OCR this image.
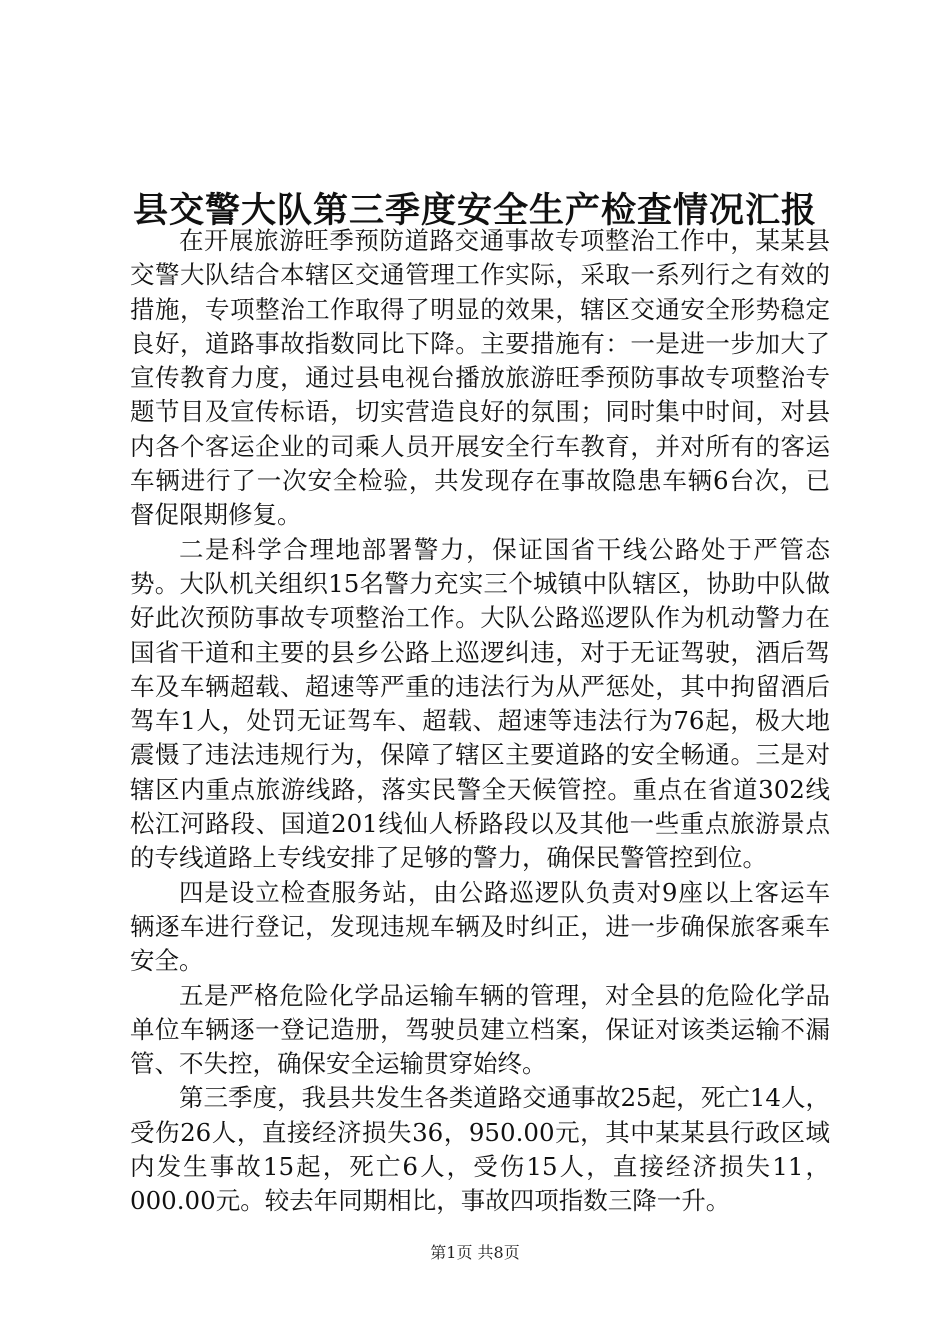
县交警大队第三季度安全生产检查情况汇报

在开展旅游旺季预防道路交通事故专项整治工作中，某某县交警大队结合本辖区交通管理工作实际，采取一系列行之有效的措施，专项整治工作取得了明显的效果，辖区交通安全形势稳定良好，道路事故指数同比下降。主要措施有：一是进一步加大了宣传教育力度，通过县电视台播放旅游旺季预防事故专项整治专题节目及宣传标语，切实营造良好的氛围；同时集中时间，对县内各个客运企业的司乘人员开展安全行车教育，并对所有的客运车辆进行了一次安全检验，共发现存在事故隐患车辆6台次，已督促限期修复。

二是科学合理地部署警力，保证国省干线公路处于严管态势。大队机关组织15名警力充实三个城镇中队辖区，协助中队做好此次预防事故专项整治工作。大队公路巡逻队作为机动警力在国省干道和主要的县乡公路上巡逻纠违，对于无证驾驶，酒后驾车及车辆超载、超速等严重的违法行为从严惩处，其中拘留酒后驾车1人，处罚无证驾车、超载、超速等违法行为76起，极大地震慑了违法违规行为，保障了辖区主要道路的安全畅通。三是对辖区内重点旅游线路，落实民警全天候管控。重点在省道302线松江河路段、国道201线仙人桥路段以及其他一些重点旅游景点的专线道路上专线安排了足够的警力，确保民警管控到位。

四是设立检查服务站，由公路巡逻队负责对9座以上客运车辆逐车进行登记，发现违规车辆及时纠正，进一步确保旅客乘车安全。

五是严格危险化学品运输车辆的管理，对全县的危险化学品单位车辆逐一登记造册，驾驶员建立档案，保证对该类运输不漏管、不失控，确保安全运输贯穿始终。

第三季度，我县共发生各类道路交通事故25起，死亡14人，受伤26人，直接经济损失36，950.00元，其中某某县行政区域内发生事故15起，死亡6人，受伤15人，直接经济损失11，000.00元。较去年同期相比，事故四项指数三降一升。

第1页 共8页
